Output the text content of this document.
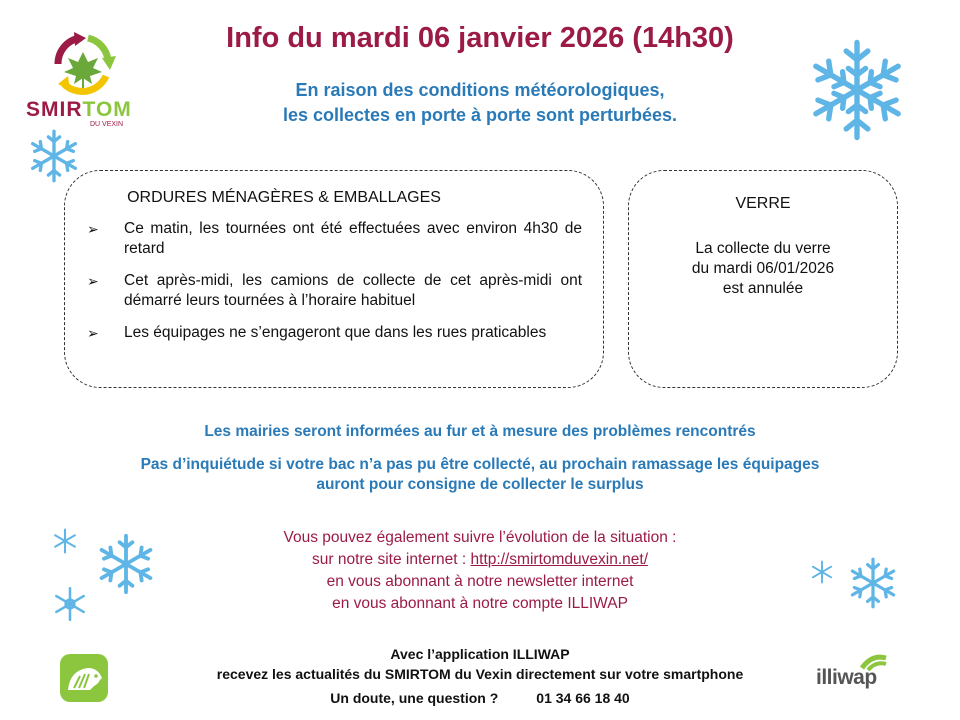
SMIRTOM
DU VEXIN
Info du mardi 06 janvier 2026 (14h30)
En raison des conditions météorologiques,
les collectes en porte à porte sont perturbées.
ORDURES MÉNAGÈRES & EMBALLAGES
➢ Ce matin, les tournées ont été effectuées avec environ 4h30 de retard
➢ Cet après-midi, les camions de collecte de cet après-midi ont démarré leurs tournées à l’horaire habituel
➢ Les équipages ne s’engageront que dans les rues praticables
VERRE
La collecte du verre
du mardi 06/01/2026
est annulée
Les mairies seront informées au fur et à mesure des problèmes rencontrés
Pas d’inquiétude si votre bac n’a pas pu être collecté, au prochain ramassage les équipages
auront pour consigne de collecter le surplus
Vous pouvez également suivre l’évolution de la situation :
sur notre site internet : http://smirtomduvexin.net/
en vous abonnant à notre newsletter internet
en vous abonnant à notre compte ILLIWAP
Avec l’application ILLIWAP
recevez les actualités du SMIRTOM du Vexin directement sur votre smartphone
Un doute, une question ?	01 34 66 18 40
illiwap
